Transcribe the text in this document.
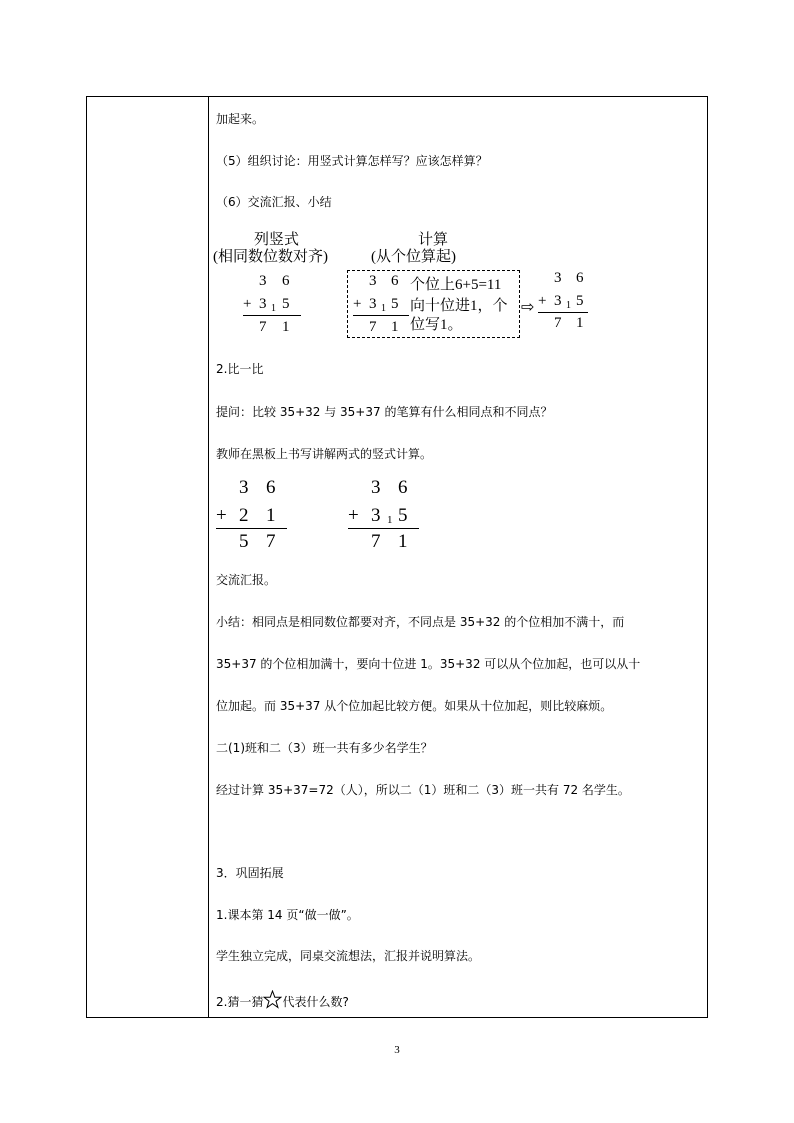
加起来。
（5）组织讨论：用竖式计算怎样写？应该怎样算？
（6）交流汇报、小结
列竖式
(相同数位数对齐)
计算
(从个位算起)
3 6
+ 3 1 5
7 1
3 6
+ 3 1 5
7 1
个位上6+5=11
向十位进1，个
位写1。
⇨
3 6
+ 3 1 5
7 1
2.比一比
提问：比较 35+32 与 35+37 的笔算有什么相同点和不同点？
教师在黑板上书写讲解两式的竖式计算。
3 6
+ 2 1
5 7
3 6
+ 3 1 5
7 1
交流汇报。
小结：相同点是相同数位都要对齐，不同点是 35+32 的个位相加不满十，而
35+37 的个位相加满十，要向十位进 1。35+32 可以从个位加起，也可以从十
位加起。而 35+37 从个位加起比较方便。如果从十位加起，则比较麻烦。
二(1)班和二（3）班一共有多少名学生？
经过计算 35+37=72（人），所以二（1）班和二（3）班一共有 72 名学生。
3．巩固拓展
1.课本第 14 页“做一做”。
学生独立完成，同桌交流想法，汇报并说明算法。
2.猜一猜 代表什么数?
3
